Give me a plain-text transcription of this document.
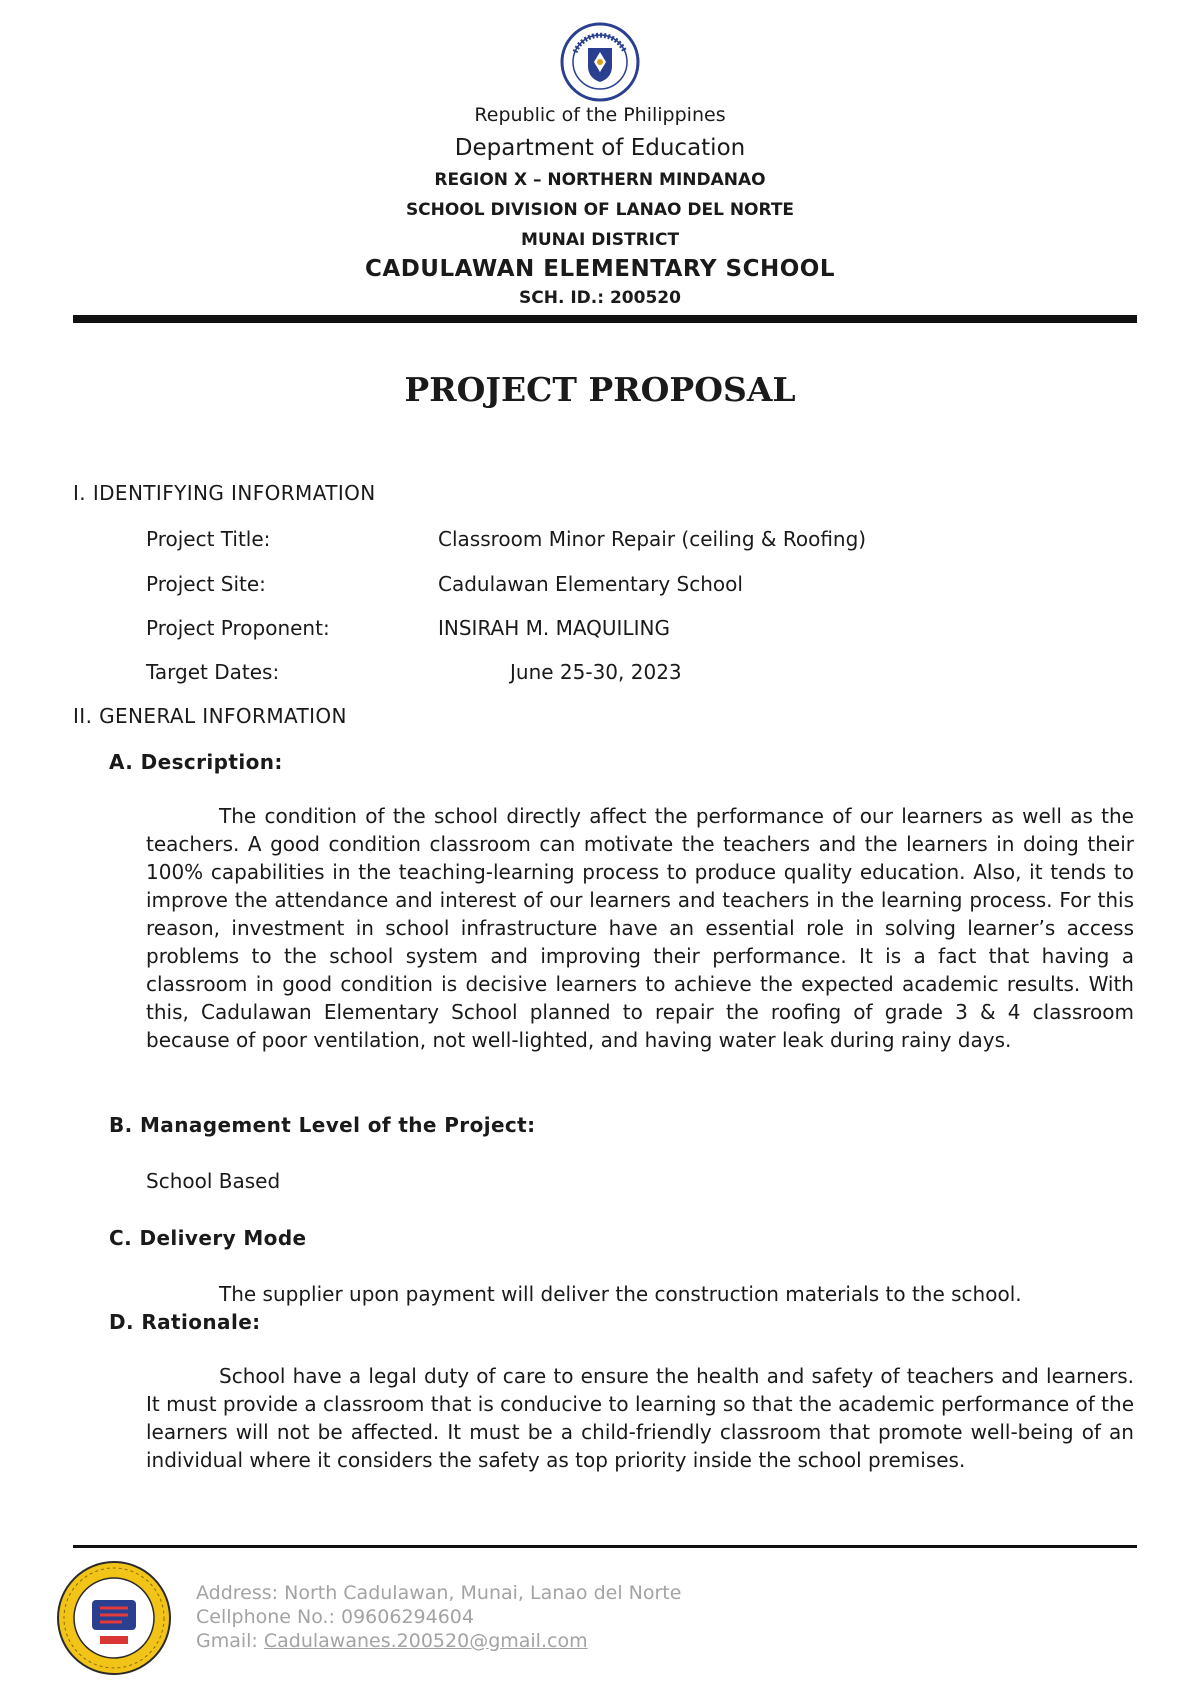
Republic of the Philippines
Department of Education
REGION X – NORTHERN MINDANAO
SCHOOL DIVISION OF LANAO DEL NORTE
MUNAI DISTRICT
CADULAWAN ELEMENTARY SCHOOL
SCH. ID.: 200520
PROJECT PROPOSAL
I. IDENTIFYING INFORMATION
Project Title:	Classroom Minor Repair (ceiling & Roofing)
Project Site:	Cadulawan Elementary School
Project Proponent:	INSIRAH M. MAQUILING
Target Dates:	June 25-30, 2023
II. GENERAL INFORMATION
A. Description:

The condition of the school directly affect the performance of our learners as well as the teachers. A good condition classroom can motivate the teachers and the learners in doing their 100% capabilities in the teaching-learning process to produce quality education. Also, it tends to improve the attendance and interest of our learners and teachers in the learning process. For this reason, investment in school infrastructure have an essential role in solving learner’s access problems to the school system and improving their performance. It is a fact that having a classroom in good condition is decisive learners to achieve the expected academic results. With this, Cadulawan Elementary School planned to repair the roofing of grade 3 & 4 classroom because of poor ventilation, not well-lighted, and having water leak during rainy days.

B. Management Level of the Project:
School Based
C. Delivery Mode
The supplier upon payment will deliver the construction materials to the school.
D. Rationale:

School have a legal duty of care to ensure the health and safety of teachers and learners. It must provide a classroom that is conducive to learning so that the academic performance of the learners will not be affected. It must be a child-friendly classroom that promote well-being of an individual where it considers the safety as top priority inside the school premises.

Address: North Cadulawan, Munai, Lanao del Norte
Cellphone No.: 09606294604
Gmail: Cadulawanes.200520@gmail.com
